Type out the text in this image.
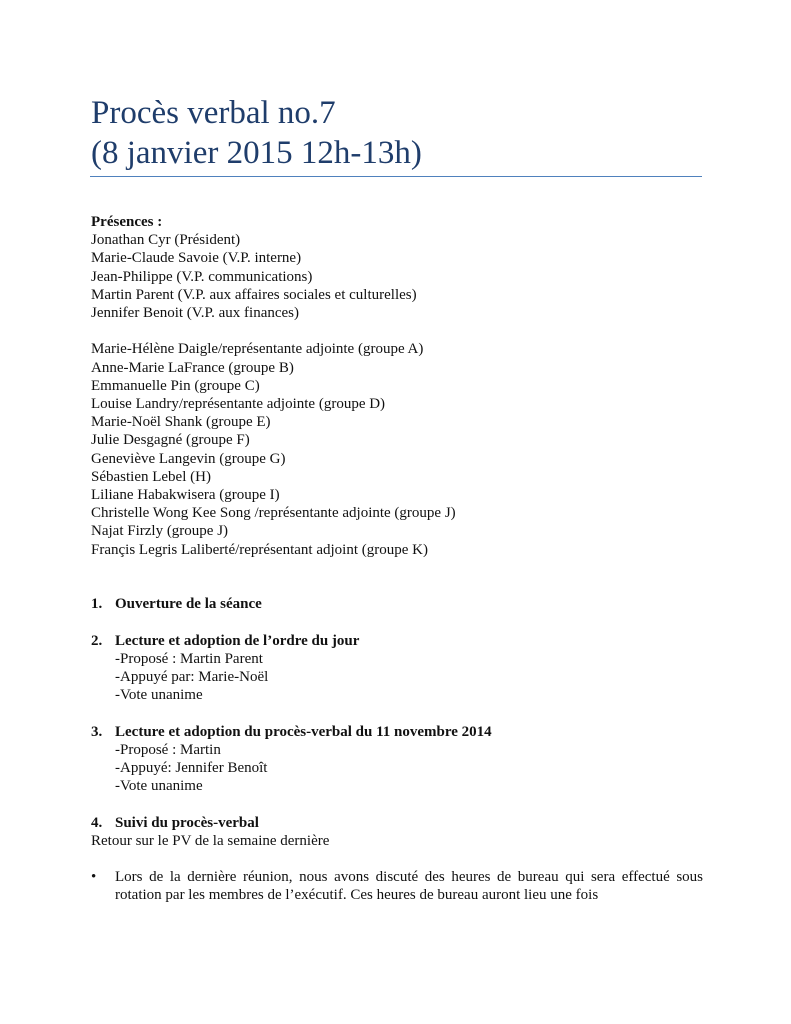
Procès verbal no.7
(8 janvier 2015 12h-13h)
Présences :
Jonathan Cyr (Président)
Marie-Claude Savoie (V.P. interne)
Jean-Philippe (V.P. communications)
Martin Parent (V.P. aux affaires sociales et culturelles)
Jennifer Benoit (V.P. aux finances)
Marie-Hélène Daigle/représentante adjointe (groupe A)
Anne-Marie LaFrance (groupe B)
Emmanuelle Pin (groupe C)
Louise Landry/représentante adjointe (groupe D)
Marie-Noël Shank (groupe E)
Julie Desgagné (groupe F)
Geneviève Langevin (groupe G)
Sébastien Lebel (H)
Liliane Habakwisera (groupe I)
Christelle Wong Kee Song /représentante adjointe (groupe J)
Najat Firzly (groupe J)
Françis Legris Laliberté/représentant adjoint (groupe K)
1. Ouverture de la séance
2. Lecture et adoption de l’ordre du jour
-Proposé : Martin Parent
-Appuyé par: Marie-Noël
-Vote unanime
3. Lecture et adoption du procès-verbal du 11 novembre 2014
-Proposé : Martin
-Appuyé: Jennifer Benoît
-Vote unanime
4. Suivi du procès-verbal
Retour sur le PV de la semaine dernière
•	Lors de la dernière réunion, nous avons discuté des heures de bureau qui sera effectué sous rotation par les membres de l’exécutif. Ces heures de bureau auront lieu une fois
